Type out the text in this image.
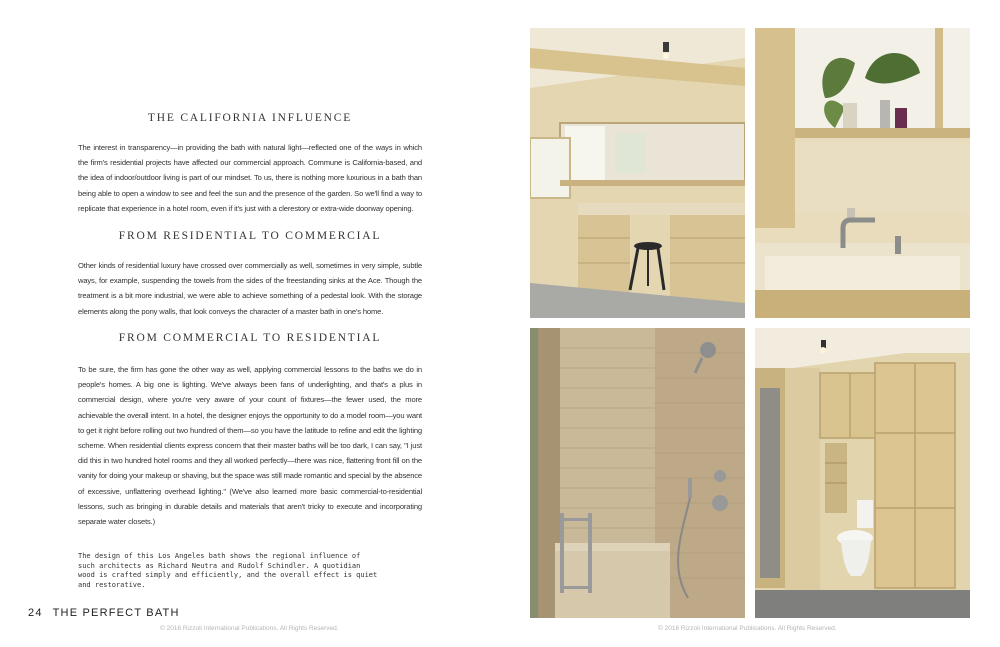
THE CALIFORNIA INFLUENCE
The interest in transparency—in providing the bath with natural light—reflected one of the ways in which the firm's residential projects have affected our commercial approach. Commune is California-based, and the idea of indoor/outdoor living is part of our mindset. To us, there is nothing more luxurious in a bath than being able to open a window to see and feel the sun and the presence of the garden. So we'll find a way to replicate that experience in a hotel room, even if it's just with a clerestory or extra-wide doorway opening.
FROM RESIDENTIAL TO COMMERCIAL
Other kinds of residential luxury have crossed over commercially as well, sometimes in very simple, subtle ways, for example, suspending the towels from the sides of the freestanding sinks at the Ace. Though the treatment is a bit more industrial, we were able to achieve something of a pedestal look. With the storage elements along the pony walls, that look conveys the character of a master bath in one's home.
FROM COMMERCIAL TO RESIDENTIAL
To be sure, the firm has gone the other way as well, applying commercial lessons to the baths we do in people's homes. A big one is lighting. We've always been fans of underlighting, and that's a plus in commercial design, where you're very aware of your count of fixtures—the fewer used, the more achievable the overall intent. In a hotel, the designer enjoys the opportunity to do a model room—you want to get it right before rolling out two hundred of them—so you have the latitude to refine and edit the lighting scheme. When residential clients express concern that their master baths will be too dark, I can say, "I just did this in two hundred hotel rooms and they all worked perfectly—there was nice, flattering front fill on the vanity for doing your makeup or shaving, but the space was still made romantic and special by the absence of excessive, unflattering overhead lighting." (We've also learned more basic commercial-to-residential lessons, such as bringing in durable details and materials that aren't tricky to execute and incorporating separate water closets.)
The design of this Los Angeles bath shows the regional influence of such architects as Richard Neutra and Rudolf Schindler. A quotidian wood is crafted simply and efficiently, and the overall effect is quiet and restorative.
24 THE PERFECT BATH
© 2016 Rizzoli International Publications. All Rights Reserved.	© 2016 Rizzoli International Publications. All Rights Reserved.
